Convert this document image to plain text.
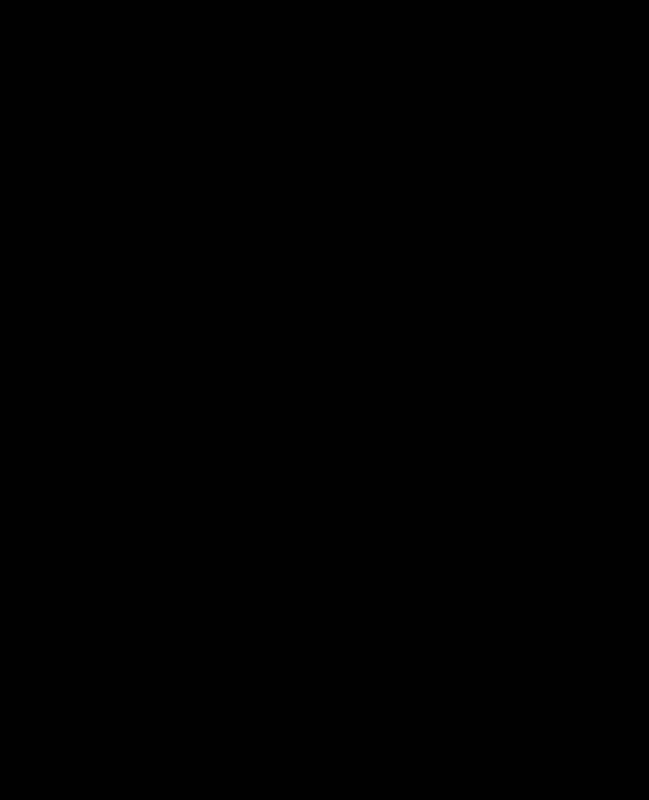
Theater in Brunsbüttelkoog.
Hotel „Zur Kanalmündung“ (Gustav Parey).
Gastspiel
des Hamburger Ensembles
unter persönlicher Leitung und Mitwirkung des
Herrn Regisseurs Eberh. Quester.
Zur Feier des Weihnachtsfestes,
25. Dezember 1910:
Nora, das Puppenheim.
Schauspiel von Henrik Ibsen in 3 Aufzügen.
Hauptdarsteller: Frl. Elsa Fischer, Frl. Nelly Ahrens, Dir. Eberh. Quester,
Alfred Stettner, Adolf Schneider usw.
Nora, das Puppenheim, gehört zu den besten Meisterwerken des berühmten
nordischen Dichters und wird mit Recht eine Perle in der Literatur genannt. Die Handlung
hält den Zuhörer in atemloser Spannung bis zum Schluß. Nora ist ein Zug- und Kassen-
stück aller Hof- und Stadttheater auf dem Kontinent.
Erlaube mir ein hochverehrtes Publikum zu diesem, meinem letzten diesjährigen En-
semble-Gastspiel ergebenst einzuladen, unter Zusicherung, daß sich Nora den vorhergegangenen
Gastspielen würdig anschließt.	Hochachtungsvoll
Gustav Parey.	Eberhard Quester.
Preise der Plätze: 1. Platz 1.30 Mk., 2. Platz 90 Pfg. Billets im Vorverkauf im
Hotel „Zur Kanalmündung“: 1. Platz 1.10 Mk., 2. Platz 75 Pfg.
— Kassenöffnung 7¹/₄ Uhr. —	— Anfang 8 Uhr. —
Große Kindervorstellung
am 1. Weihnachtsfeiertage, 25. Dezember 1910,
Kleine Preise.	nachmittags 4 Uhr:	Kleine Preise.
Hänsel und Gretel oder Das Knusperhäuschen der Hexe.
Personen: Der Vater, die Mutter, Hänsel, Gretel, Sandmännchen, Taumännchen,
die Knusperhexe.
Zum Schluß:	Verlosung von Weihnachts-Ueberraschungen für die Kinder.
Jedes Kind erhält beim Billetlösen ein Freilos.
Preise der Plätze: 1. Platz 30 Pfg., 2. Platz 20 Pfg.
— Kassenöffnung 4 Uhr. —	— Anfang punkt 4¹/₂ Uhr. —
